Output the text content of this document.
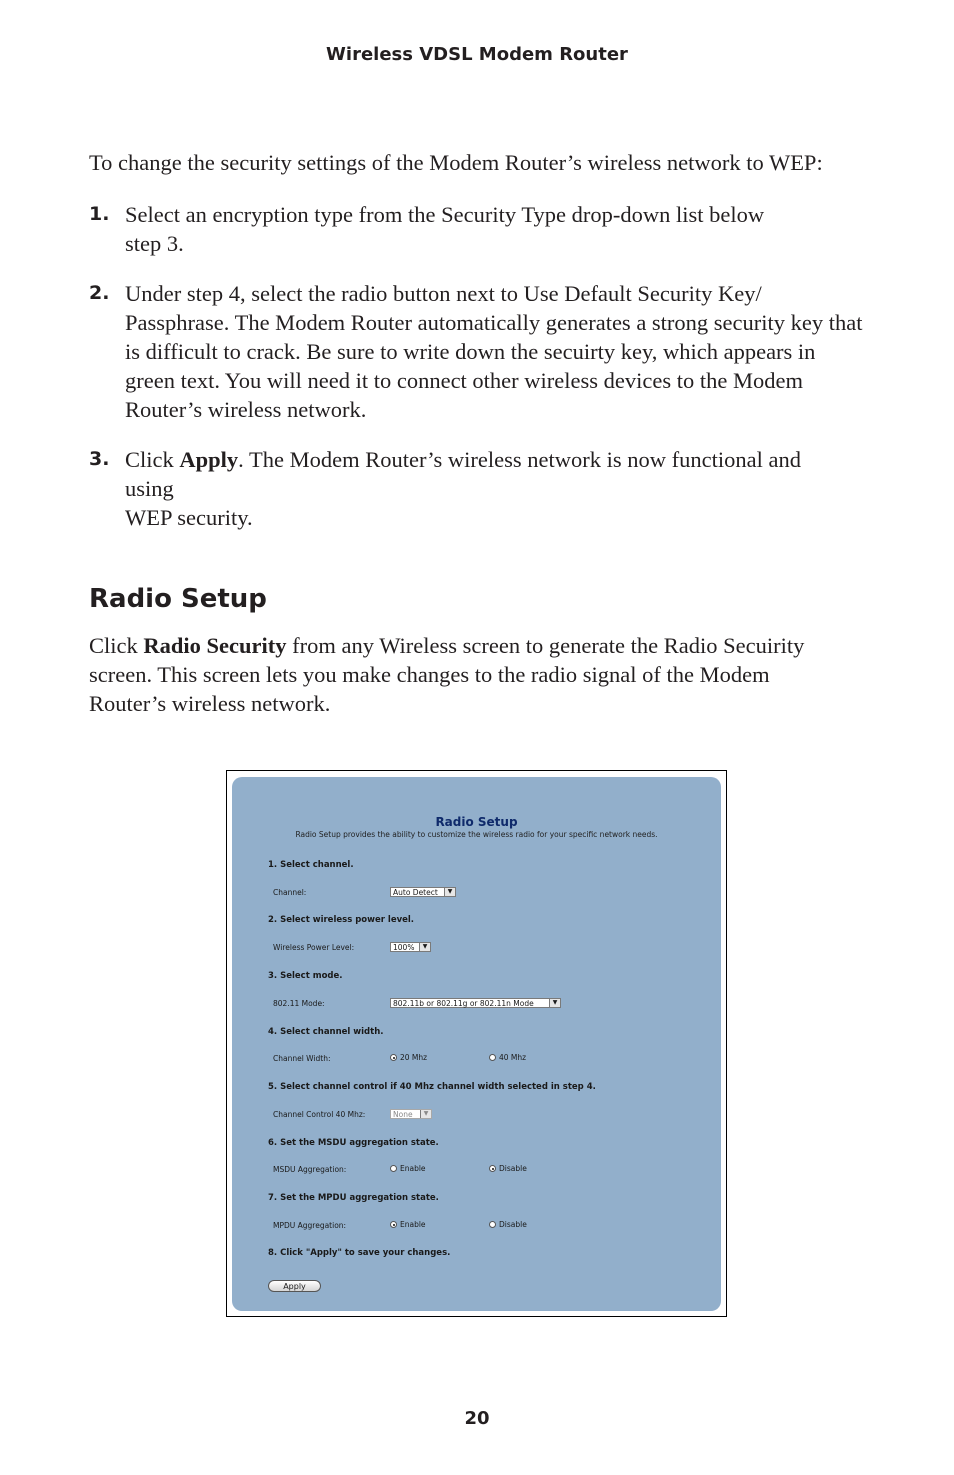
Wireless VDSL Modem Router
To change the security settings of the Modem Router’s wireless network to WEP:
1. Select an encryption type from the Security Type drop-down list below
step 3.
2. Under step 4, select the radio button next to Use Default Security Key/ Passphrase. The Modem Router automatically generates a strong security key that is difficult to crack. Be sure to write down the secuirty key, which appears in green text. You will need it to connect other wireless devices to the Modem Router’s wireless network.
3. Click Apply. The Modem Router’s wireless network is now functional and
using
WEP security.
Radio Setup
Click Radio Security from any Wireless screen to generate the Radio Secuirity screen. This screen lets you make changes to the radio signal of the Modem Router’s wireless network.
Radio Setup
Radio Setup provides the ability to customize the wireless radio for your specific network needs.
1. Select channel.
Channel:	Auto Detect	▼
2. Select wireless power level.
Wireless Power Level:	100%	▼
3. Select mode.
802.11 Mode:	802.11b or 802.11g or 802.11n Mode	▼
4. Select channel width.
Channel Width:	20 Mhz	40 Mhz
5. Select channel control if 40 Mhz channel width selected in step 4.
Channel Control 40 Mhz:	None	▼
6. Set the MSDU aggregation state.
MSDU Aggregation:	Enable	Disable
7. Set the MPDU aggregation state.
MPDU Aggregation:	Enable	Disable
8. Click "Apply" to save your changes.
Apply
20
